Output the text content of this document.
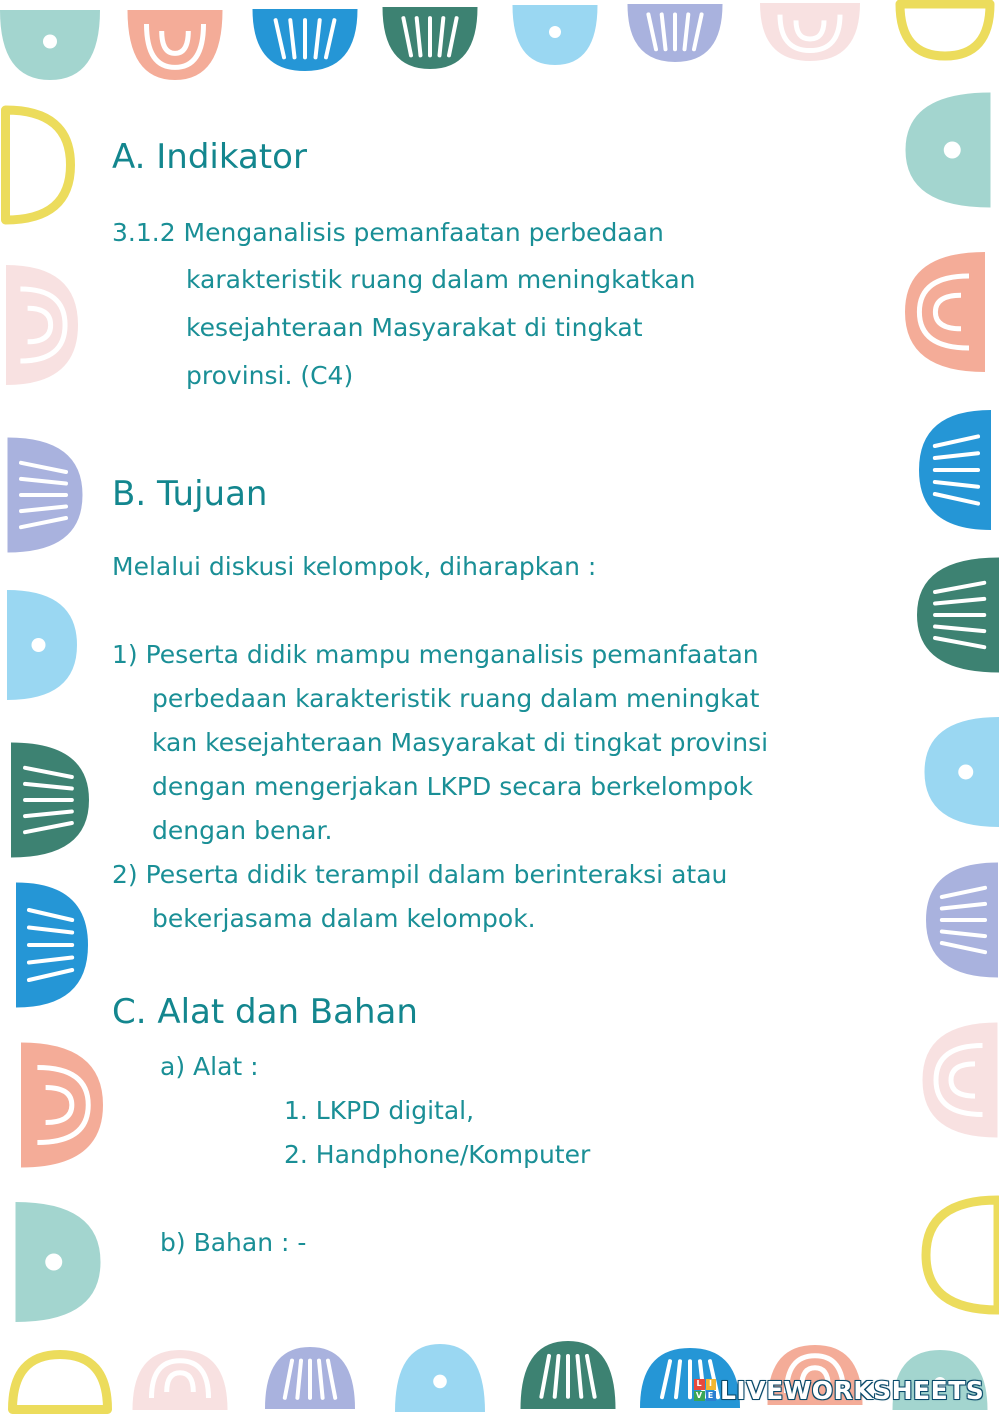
A. Indikator
3.1.2 Menganalisis pemanfaatan perbedaan
karakteristik ruang dalam meningkatkan
kesejahteraan Masyarakat di tingkat
provinsi. (C4)
B. Tujuan
Melalui diskusi kelompok, diharapkan :
1) Peserta didik mampu menganalisis pemanfaatan
perbedaan karakteristik ruang dalam meningkat
kan kesejahteraan Masyarakat di tingkat provinsi
dengan mengerjakan LKPD secara berkelompok
dengan benar.
2) Peserta didik terampil dalam berinteraksi atau
bekerjasama dalam kelompok.
C. Alat dan Bahan
a) Alat :
1. LKPD digital,
2. Handphone/Komputer
b) Bahan : -
L I
V E LIVEWORKSHEETS
